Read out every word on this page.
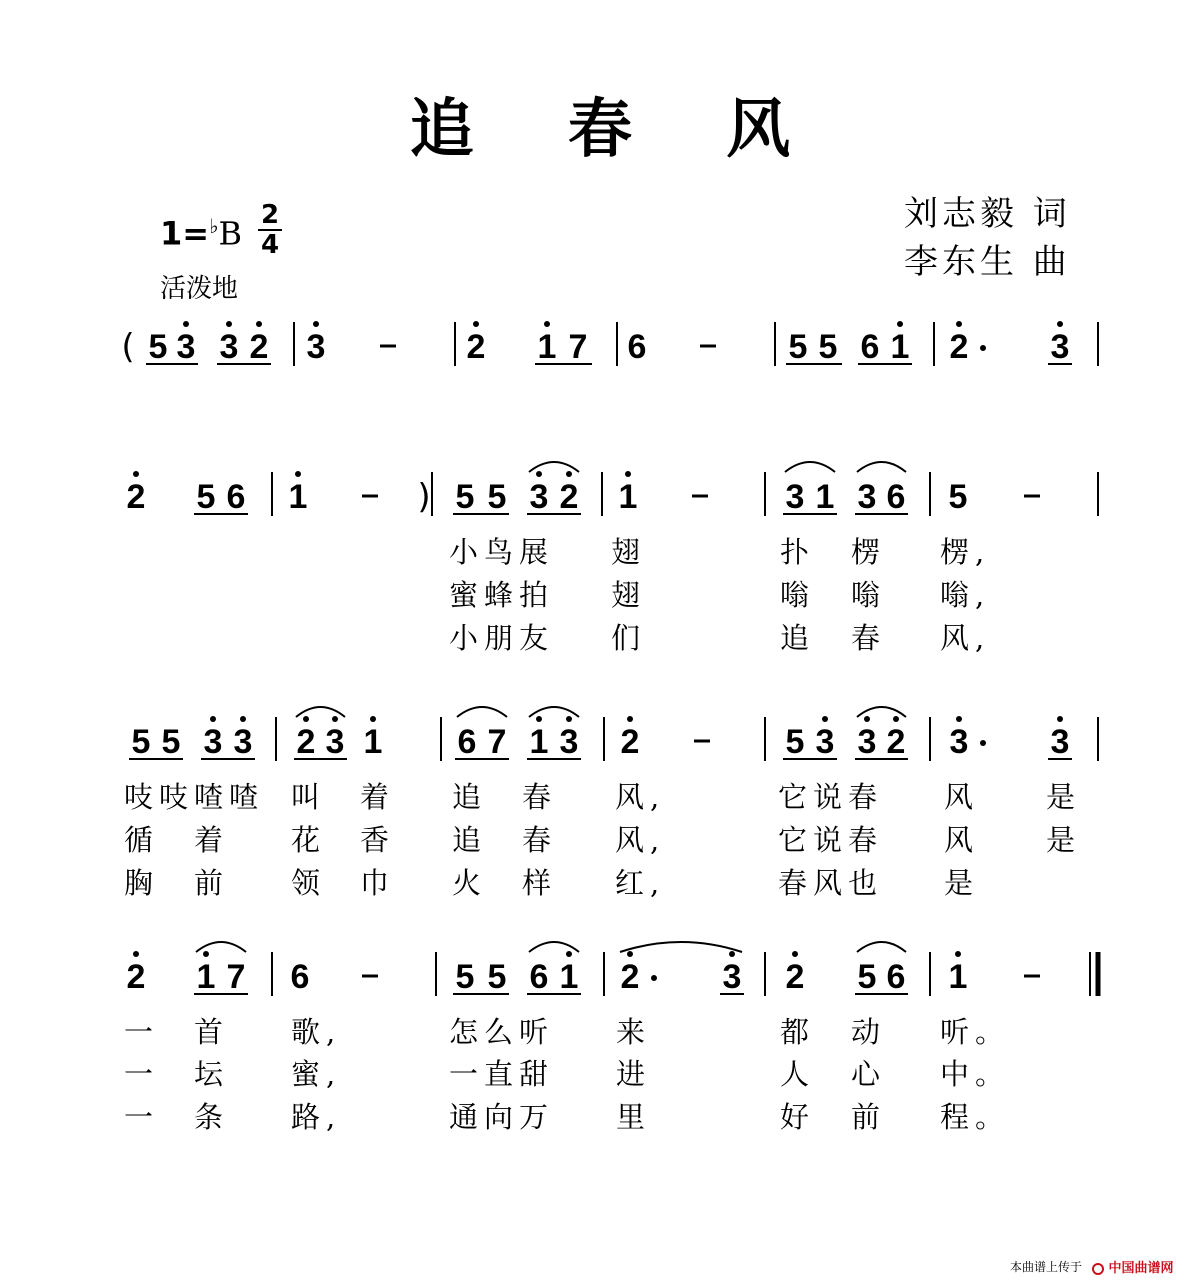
追 春 风
刘志毅 词
李东生 曲
1=♭B 2
4
活泼地
( 5 3 3 2 3	2 1 7 6	5 5 6 1 2 3
2 5 6 1	) 5 5 3 2 1	3 1 3 6 5
5 5 3 3 2 3 1 6 7 1 3 2	5 3 3 2 3 3
2 1 7 6	5 5 6 1 2 3 2 5 6 1
小鸟展 翅	扑 楞 楞,
蜜蜂拍 翅	嗡 嗡 嗡,
小朋友 们	追 春 风,
吱吱喳喳 叫 着 追 春 风,	它说春 风 是
循 着 花 香 追 春 风,	它说春 风 是
胸 前 领 巾 火 样 红,	春风也 是
一 首 歌,	怎么听 来	都 动 听。
一 坛 蜜,	一直甜 进	人 心 中。
一 条 路,	通向万 里	好 前 程。
本曲谱上传于	中国曲谱网
